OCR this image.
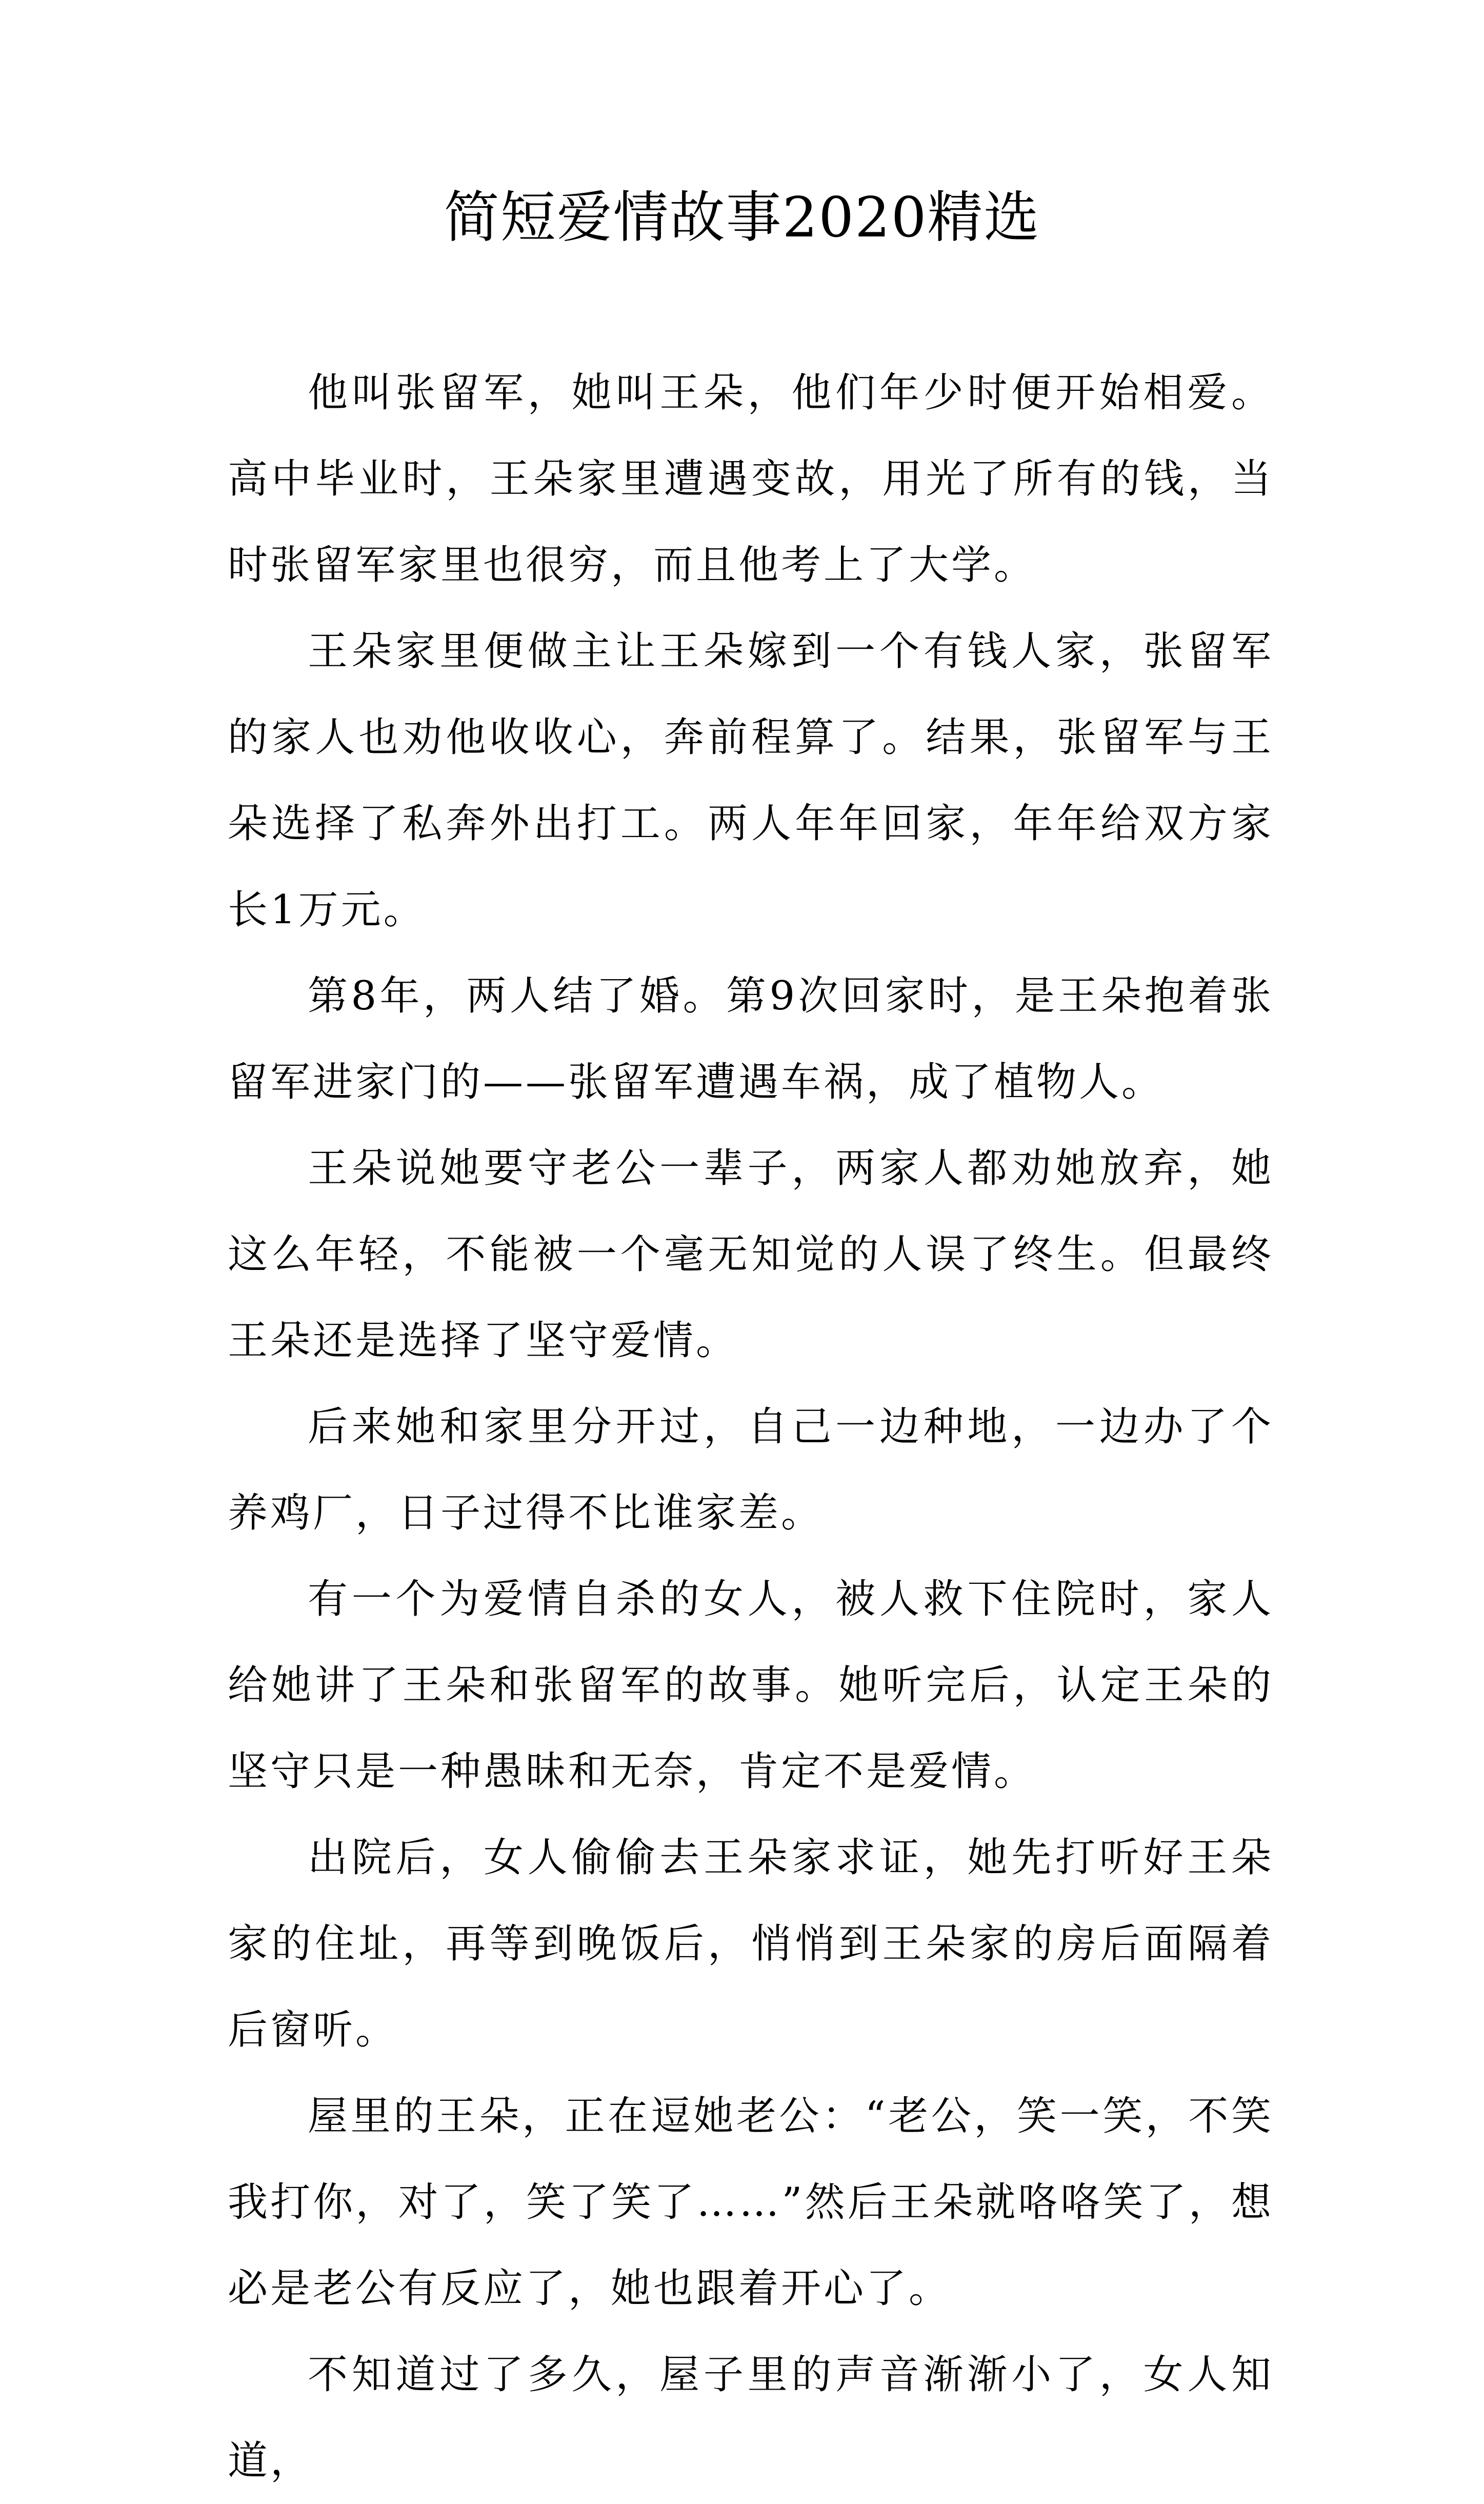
简短爱情故事2020精选

他叫张留军，她叫王朵，他们年少时便开始相爱。高中毕业时，王朵家里遭遇变故，用光了所有的钱，当时张留军家里也很穷，而且他考上了大学。

王朵家里便做主让王朵嫁到一个有钱人家，张留军的家人也劝他收收心，奔前程算了。结果，张留军与王朵选择了私奔外出打工。两人年年回家，年年给双方家长1万元。

第8年，两人结了婚。第9次回家时，是王朵抱着张留军进家门的——张留军遭遇车祸，成了植物人。

王朵说她要守老公一辈子，两家人都劝她放弃，她这么年轻，不能被一个毫无知觉的人误了终生。但最终王朵还是选择了坚守爱情。

后来她和家里分开过，自己一边种地，一边办了个养鸡厂，日子过得不比谁家差。

有一个为爱情自杀的女人，被人救下住院时，家人给她讲了王朵和张留军的故事。她听完后，认定王朵的坚守只是一种愚昧和无奈，肯定不是爱情。

出院后，女人偷偷去王朵家求证，她先打听好王朵家的住址，再等到晚饭后，悄悄到王朵家的房后面隔着后窗听。

屋里的王朵，正在逗她老公：“老公，笑一笑，不笑我打你，对了，笑了笑了……”然后王朵就咯咯笑了，想必是老公有反应了，她也跟着开心了。

不知道过了多久，屋子里的声音渐渐小了，女人知道，
